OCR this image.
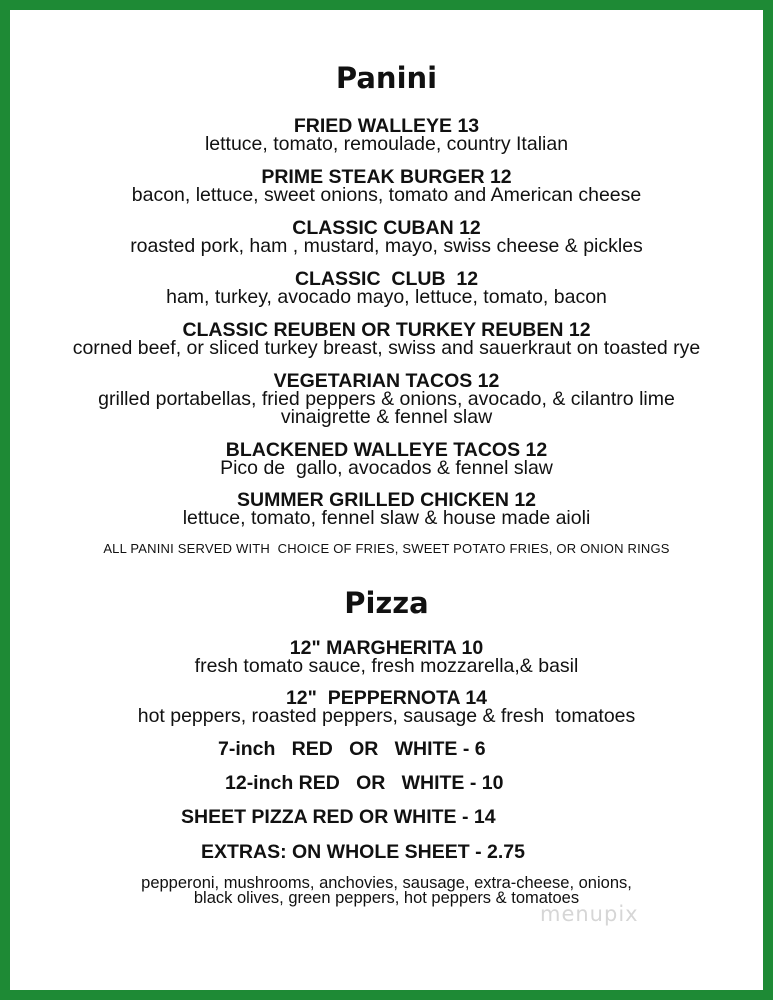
Panini
FRIED WALLEYE 13
lettuce, tomato, remoulade, country Italian
PRIME STEAK BURGER 12
bacon, lettuce, sweet onions, tomato and American cheese
CLASSIC CUBAN 12
roasted pork, ham , mustard, mayo, swiss cheese & pickles
CLASSIC  CLUB  12
ham, turkey, avocado mayo, lettuce, tomato, bacon
CLASSIC REUBEN OR TURKEY REUBEN 12
corned beef, or sliced turkey breast, swiss and sauerkraut on toasted rye
VEGETARIAN TACOS 12
grilled portabellas, fried peppers & onions, avocado, & cilantro lime
vinaigrette & fennel slaw
BLACKENED WALLEYE TACOS 12
Pico de  gallo, avocados & fennel slaw
SUMMER GRILLED CHICKEN 12
lettuce, tomato, fennel slaw & house made aioli
ALL PANINI SERVED WITH  CHOICE OF FRIES, SWEET POTATO FRIES, OR ONION RINGS
Pizza
12" MARGHERITA 10
fresh tomato sauce, fresh mozzarella,& basil
12"  PEPPERNOTA 14
hot peppers, roasted peppers, sausage & fresh  tomatoes
7-inch   RED   OR   WHITE - 6
12-inch RED   OR   WHITE - 10
SHEET PIZZA RED OR WHITE - 14
EXTRAS: ON WHOLE SHEET - 2.75
pepperoni, mushrooms, anchovies, sausage, extra-cheese, onions,
black olives, green peppers, hot peppers & tomatoes
menupix
